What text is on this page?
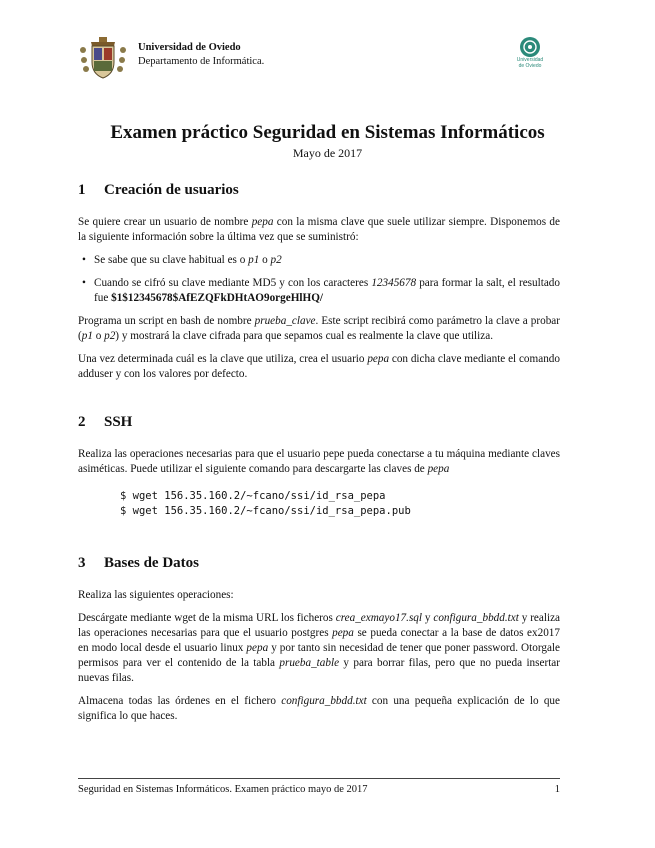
Universidad de Oviedo
Departamento de Informática.	Universidad
de Oviedo
Examen práctico Seguridad en Sistemas Informáticos
Mayo de 2017
1 Creación de usuarios

Se quiere crear un usuario de nombre pepa con la misma clave que suele utilizar siempre. Disponemos de la siguiente información sobre la última vez que se suministró:

• Se sabe que su clave habitual es o p1 o p2
• Cuando se cifró su clave mediante MD5 y con los caracteres 12345678 para formar la salt, el resultado fue $1$12345678$AfEZQFkDHtAO9orgeHlHQ/

Programa un script en bash de nombre prueba_clave. Este script recibirá como parámetro la clave a probar (p1 o p2) y mostrará la clave cifrada para que sepamos cual es realmente la clave que utiliza.

Una vez determinada cuál es la clave que utiliza, crea el usuario pepa con dicha clave mediante el comando adduser y con los valores por defecto.

2 SSH

Realiza las operaciones necesarias para que el usuario pepe pueda conectarse a tu máquina mediante claves asiméticas. Puede utilizar el siguiente comando para descargarte las claves de pepa

$ wget 156.35.160.2/~fcano/ssi/id_rsa_pepa
$ wget 156.35.160.2/~fcano/ssi/id_rsa_pepa.pub
3 Bases de Datos

Realiza las siguientes operaciones:

Descárgate mediante wget de la misma URL los ficheros crea_exmayo17.sql y configura_bbdd.txt y realiza las operaciones necesarias para que el usuario postgres pepa se pueda conectar a la base de datos ex2017 en modo local desde el usuario linux pepa y por tanto sin necesidad de tener que poner password. Otorgale permisos para ver el contenido de la tabla prueba_table y para borrar filas, pero que no pueda insertar nuevas filas.

Almacena todas las órdenes en el fichero configura_bbdd.txt con una pequeña explicación de lo que significa lo que haces.

Seguridad en Sistemas Informáticos. Examen práctico mayo de 2017	1
